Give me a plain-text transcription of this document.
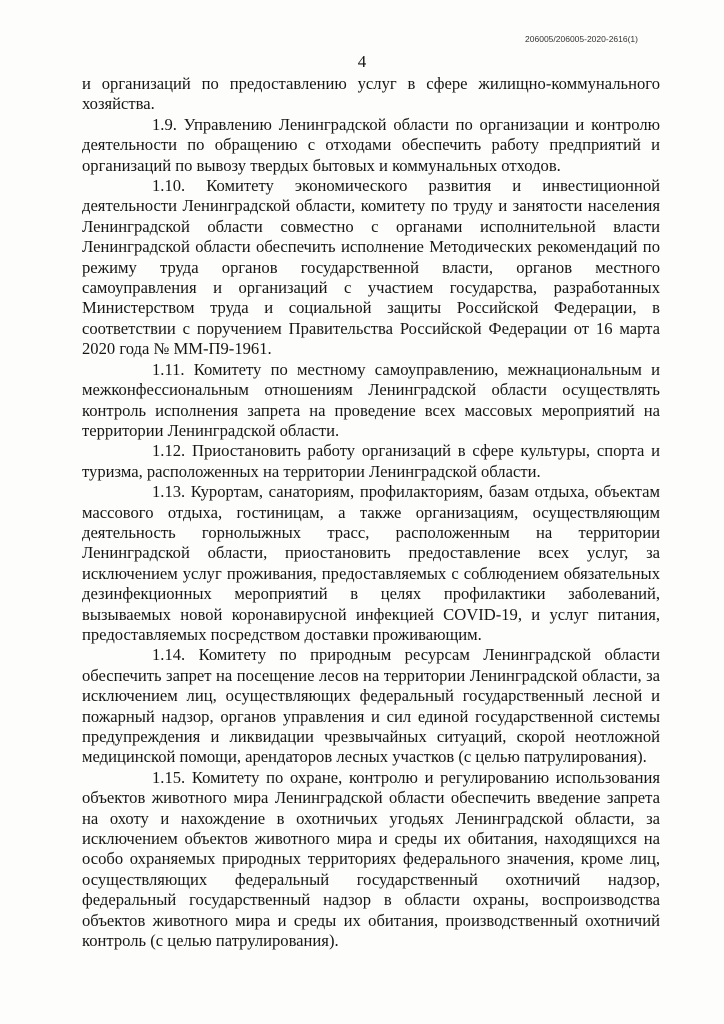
206005/206005-2020-2616(1)
4

и организаций по предоставлению услуг в сфере жилищно-коммунального хозяйства.

1.9. Управлению Ленинградской области по организации и контролю деятельности по обращению с отходами обеспечить работу предприятий и организаций по вывозу твердых бытовых и коммунальных отходов.

1.10. Комитету экономического развития и инвестиционной деятельности Ленинградской области, комитету по труду и занятости населения Ленинградской области совместно с органами исполнительной власти Ленинградской области обеспечить исполнение Методических рекомендаций по режиму труда органов государственной власти, органов местного самоуправления и организаций с участием государства, разработанных Министерством труда и социальной защиты Российской Федерации, в соответствии с поручением Правительства Российской Федерации от 16 марта 2020 года № ММ-П9-1961.

1.11. Комитету по местному самоуправлению, межнациональным и межконфессиональным отношениям Ленинградской области осуществлять контроль исполнения запрета на проведение всех массовых мероприятий на территории Ленинградской области.

1.12. Приостановить работу организаций в сфере культуры, спорта и туризма, расположенных на территории Ленинградской области.

1.13. Курортам, санаториям, профилакториям, базам отдыха, объектам массового отдыха, гостиницам, а также организациям, осуществляющим деятельность горнолыжных трасс, расположенным на территории Ленинградской области, приостановить предоставление всех услуг, за исключением услуг проживания, предоставляемых с соблюдением обязательных дезинфекционных мероприятий в целях профилактики заболеваний, вызываемых новой коронавирусной инфекцией COVID-19, и услуг питания, предоставляемых посредством доставки проживающим.

1.14. Комитету по природным ресурсам Ленинградской области обеспечить запрет на посещение лесов на территории Ленинградской области, за исключением лиц, осуществляющих федеральный государственный лесной и пожарный надзор, органов управления и сил единой государственной системы предупреждения и ликвидации чрезвычайных ситуаций, скорой неотложной медицинской помощи, арендаторов лесных участков (с целью патрулирования).

1.15. Комитету по охране, контролю и регулированию использования объектов животного мира Ленинградской области обеспечить введение запрета на охоту и нахождение в охотничьих угодьях Ленинградской области, за исключением объектов животного мира и среды их обитания, находящихся на особо охраняемых природных территориях федерального значения, кроме лиц, осуществляющих федеральный государственный охотничий надзор, федеральный государственный надзор в области охраны, воспроизводства объектов животного мира и среды их обитания, производственный охотничий контроль (с целью патрулирования).
